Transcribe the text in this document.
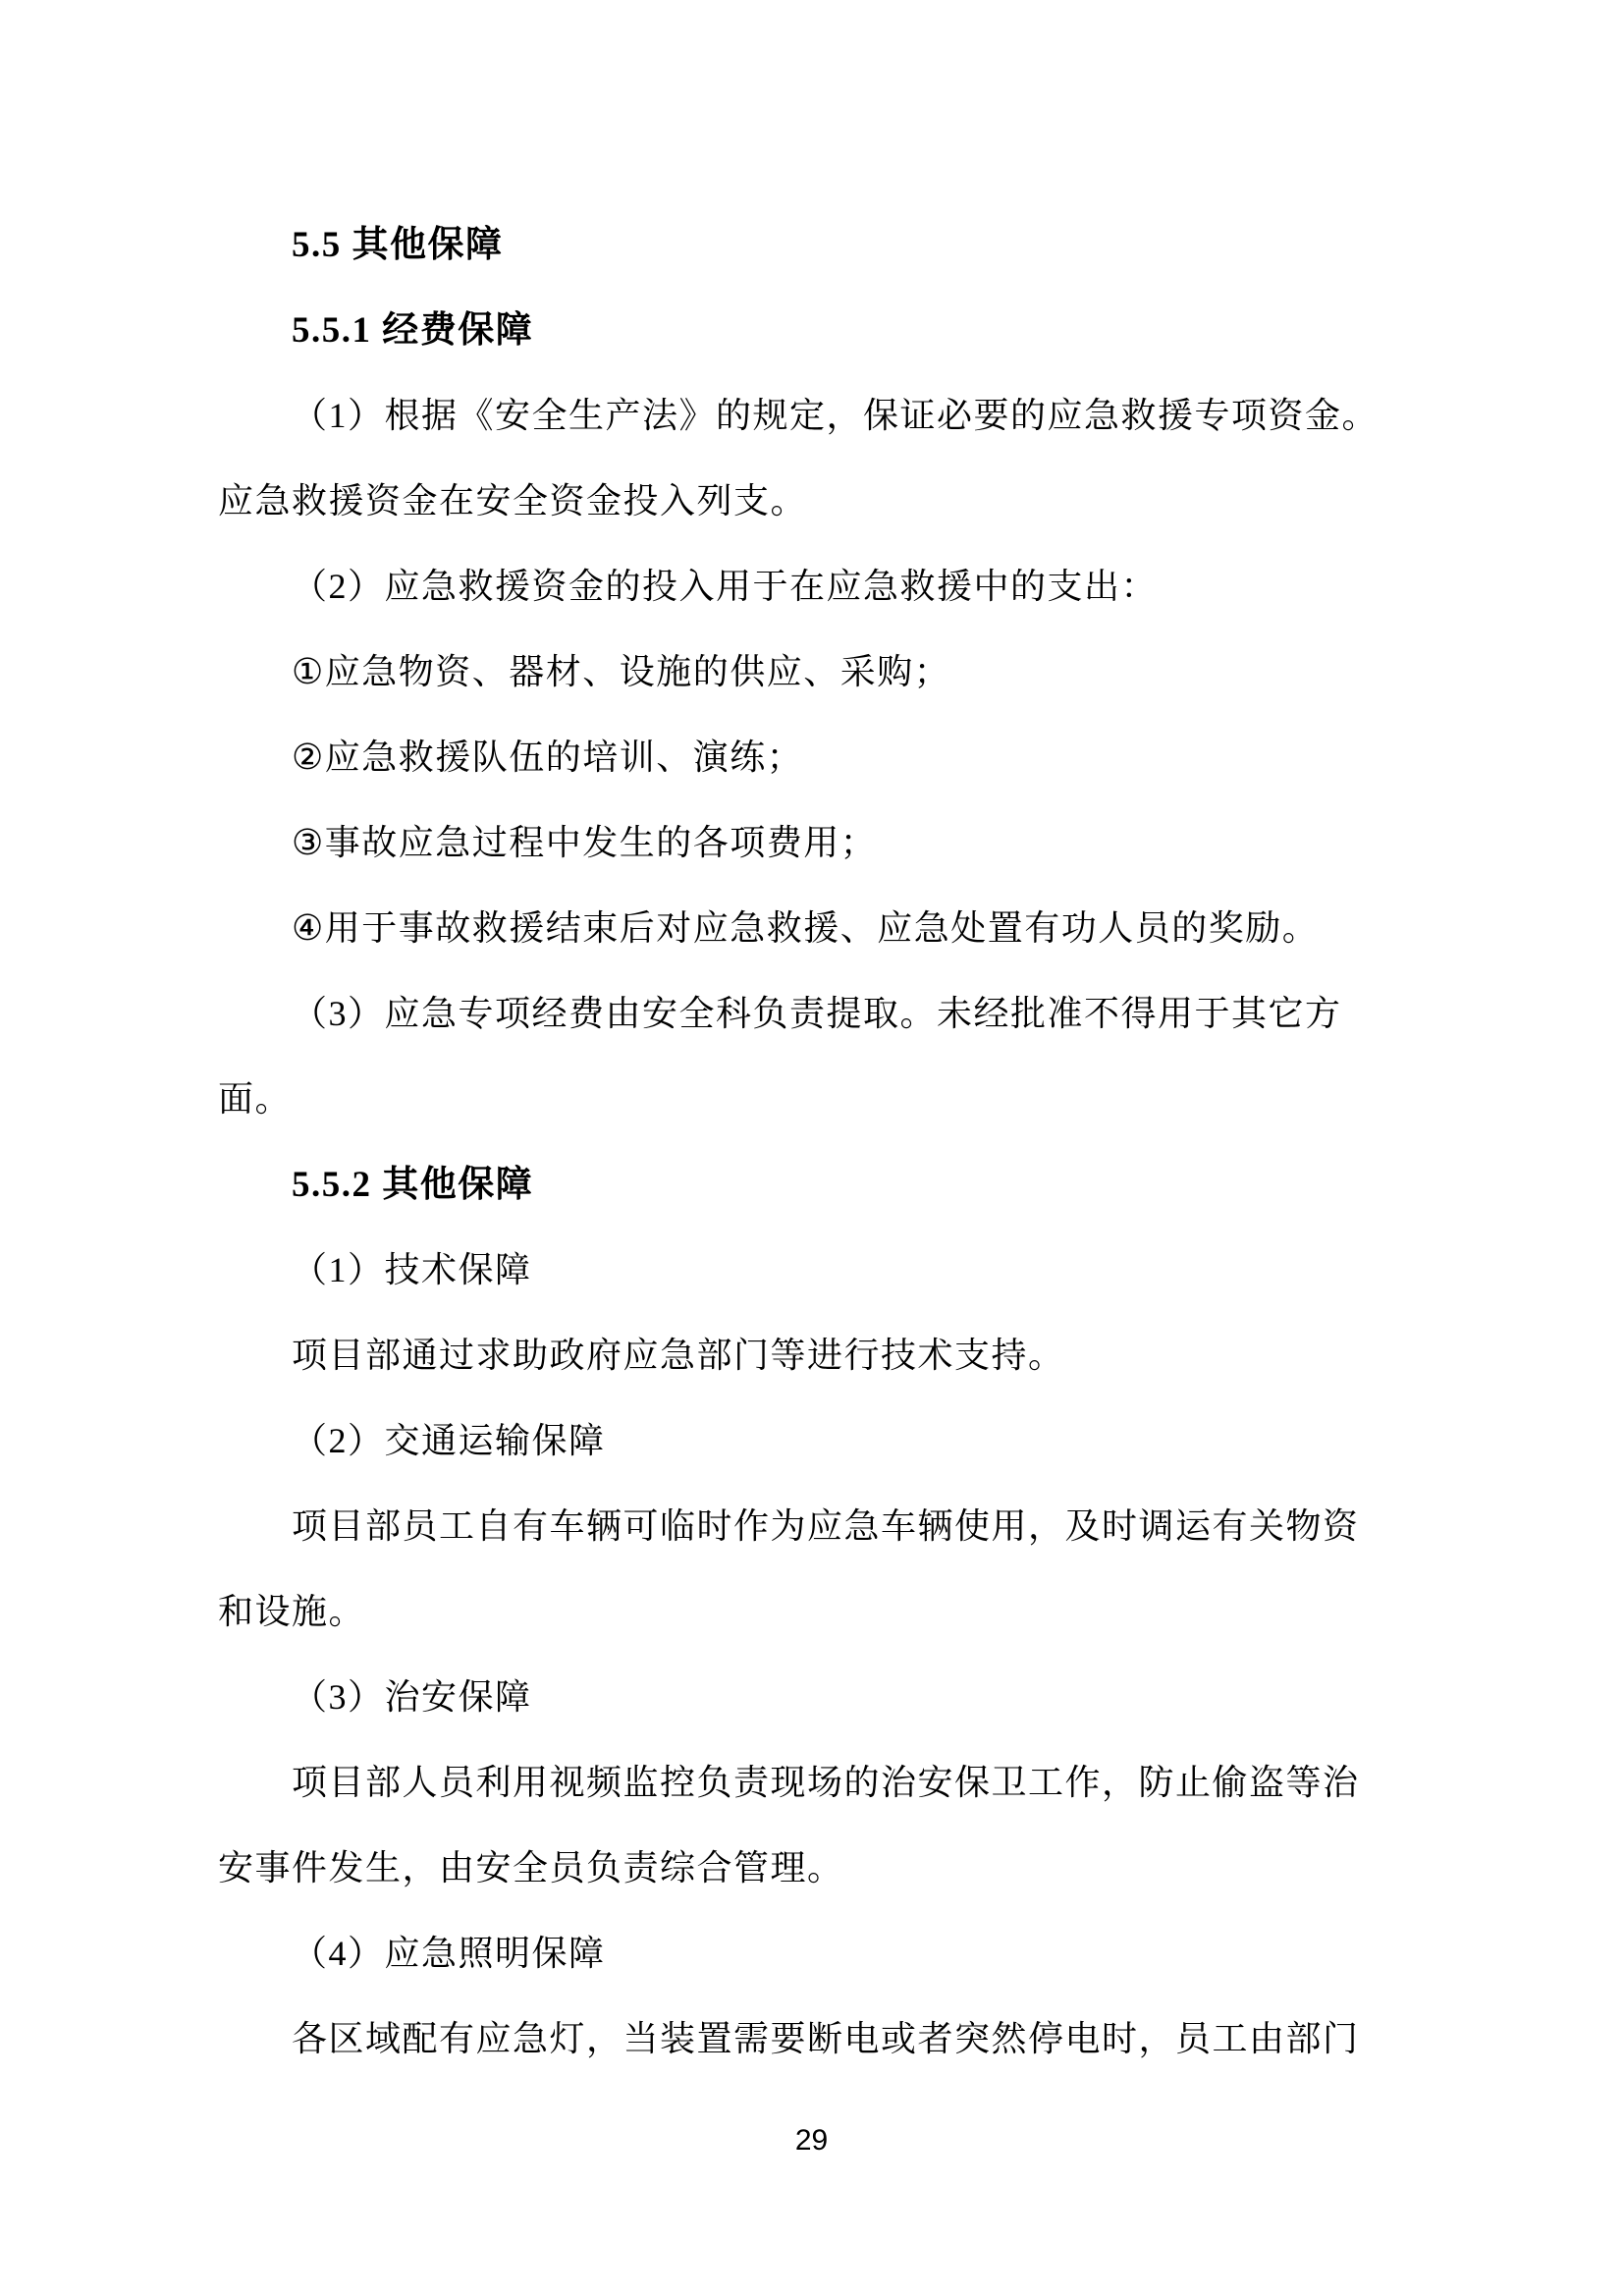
5.5 其他保障
5.5.1 经费保障
（1）根据《安全生产法》的规定，保证必要的应急救援专项资金。
应急救援资金在安全资金投入列支。
（2）应急救援资金的投入用于在应急救援中的支出：
①应急物资、器材、设施的供应、采购；
②应急救援队伍的培训、演练；
③事故应急过程中发生的各项费用；
④用于事故救援结束后对应急救援、应急处置有功人员的奖励。
（3）应急专项经费由安全科负责提取。未经批准不得用于其它方
面。
5.5.2 其他保障
（1）技术保障
项目部通过求助政府应急部门等进行技术支持。
（2）交通运输保障
项目部员工自有车辆可临时作为应急车辆使用，及时调运有关物资
和设施。
（3）治安保障
项目部人员利用视频监控负责现场的治安保卫工作，防止偷盗等治
安事件发生，由安全员负责综合管理。
（4）应急照明保障
各区域配有应急灯，当装置需要断电或者突然停电时，员工由部门
29
